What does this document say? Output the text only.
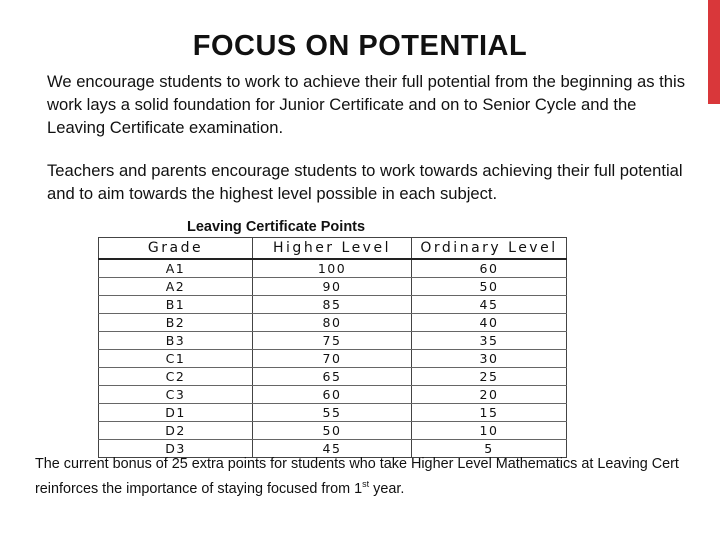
FOCUS ON POTENTIAL

We encourage students to work to achieve their full potential from the beginning as this work lays a solid foundation for Junior Certificate and on to Senior Cycle and the Leaving Certificate examination.

Teachers and parents encourage students to work towards achieving their full potential and to aim towards the highest level possible in each subject.

Leaving Certificate Points

Grade	Higher Level	Ordinary Level
A1	100	60
A2	90	50
B1	85	45
B2	80	40
B3	75	35
C1	70	30
C2	65	25
C3	60	20
D1	55	15
D2	50	10
D3	45	5

The current bonus of 25 extra points for students who take Higher Level Mathematics at Leaving Cert reinforces the importance of staying focused from 1st year.
